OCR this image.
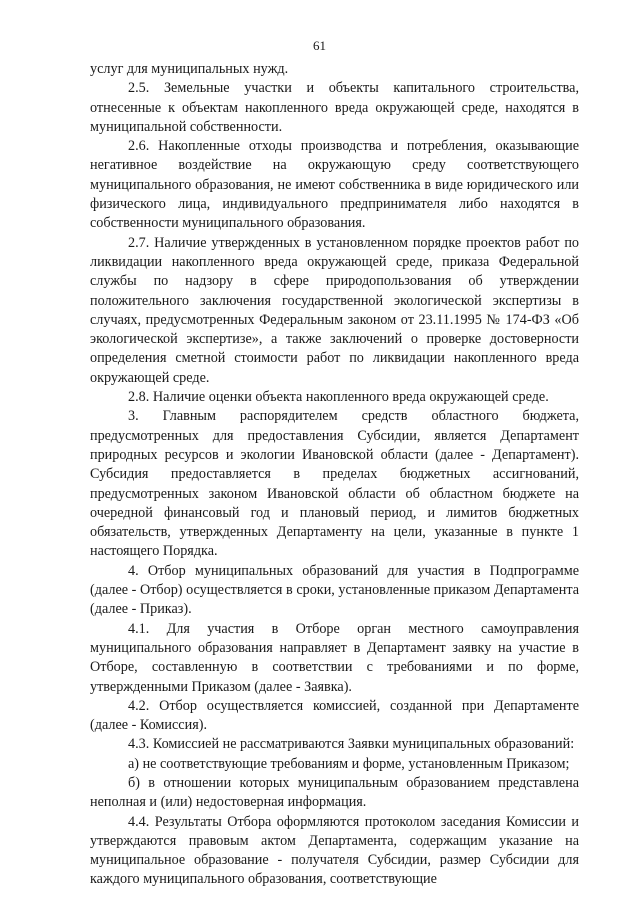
61

услуг для муниципальных нужд.

2.5. Земельные участки и объекты капитального строительства, отнесенные к объектам накопленного вреда окружающей среде, находятся в муниципальной собственности.

2.6. Накопленные отходы производства и потребления, оказывающие негативное воздействие на окружающую среду соответствующего муниципального образования, не имеют собственника в виде юридического или физического лица, индивидуального предпринимателя либо находятся в собственности муниципального образования.

2.7. Наличие утвержденных в установленном порядке проектов работ по ликвидации накопленного вреда окружающей среде, приказа Федеральной службы по надзору в сфере природопользования об утверждении положительного заключения государственной экологической экспертизы в случаях, предусмотренных Федеральным законом от 23.11.1995 № 174-ФЗ «Об экологической экспертизе», а также заключений о проверке достоверности определения сметной стоимости работ по ликвидации накопленного вреда окружающей среде.

2.8. Наличие оценки объекта накопленного вреда окружающей среде.

3. Главным распорядителем средств областного бюджета, предусмотренных для предоставления Субсидии, является Департамент природных ресурсов и экологии Ивановской области (далее - Департамент). Субсидия предоставляется в пределах бюджетных ассигнований, предусмотренных законом Ивановской области об областном бюджете на очередной финансовый год и плановый период, и лимитов бюджетных обязательств, утвержденных Департаменту на цели, указанные в пункте 1 настоящего Порядка.

4. Отбор муниципальных образований для участия в Подпрограмме (далее - Отбор) осуществляется в сроки, установленные приказом Департамента (далее - Приказ).

4.1. Для участия в Отборе орган местного самоуправления муниципального образования направляет в Департамент заявку на участие в Отборе, составленную в соответствии с требованиями и по форме, утвержденными Приказом (далее - Заявка).

4.2. Отбор осуществляется комиссией, созданной при Департаменте (далее - Комиссия).

4.3. Комиссией не рассматриваются Заявки муниципальных образований:

а) не соответствующие требованиям и форме, установленным Приказом;

б) в отношении которых муниципальным образованием представлена неполная и (или) недостоверная информация.

4.4. Результаты Отбора оформляются протоколом заседания Комиссии и утверждаются правовым актом Департамента, содержащим указание на муниципальное образование - получателя Субсидии, размер Субсидии для каждого муниципального образования, соответствующие
